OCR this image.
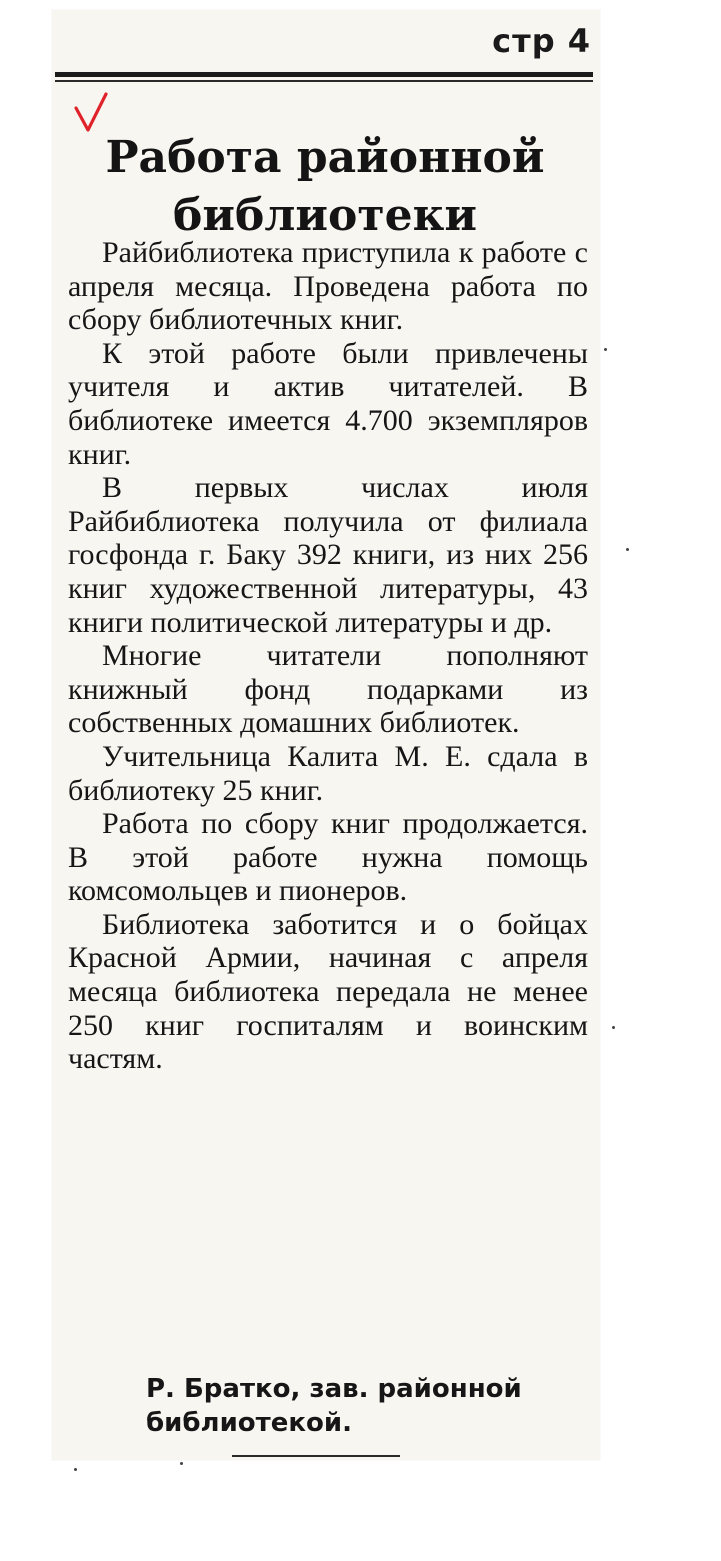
стр 4
Работа районной библиотеки

Райбиблиотека приступила к работе с апреля месяца. Проведена работа по сбору библиотечных книг.

К этой работе были привлечены учителя и актив читателей. В библиотеке имеется 4.700 экземпляров книг.

В первых числах июля Райбиблиотека получила от филиала госфонда г. Баку 392 книги, из них 256 книг художественной литературы, 43 книги политической литературы и др.

Многие читатели пополняют книжный фонд подарками из собственных домашних библиотек.

Учительница Калита М. Е. сдала в библиотеку 25 книг.

Работа по сбору книг продолжается. В этой работе нужна помощь комсомольцев и пионеров.

Библиотека заботится и о бойцах Красной Армии, начиная с апреля месяца библиотека передала не менее 250 книг госпиталям и воинским частям.

Р. Братко, зав. районной библиотекой.
